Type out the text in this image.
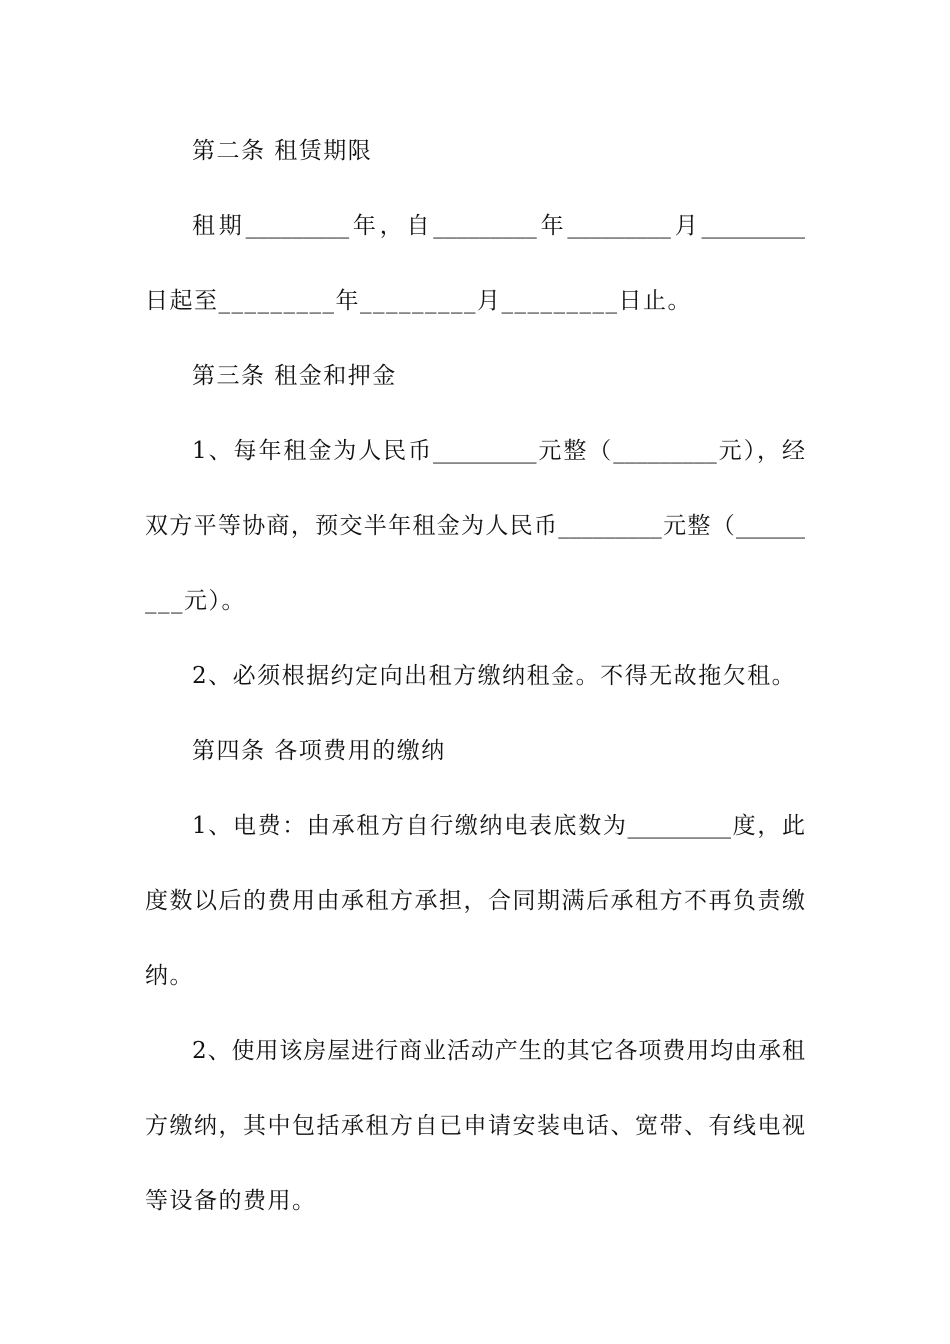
第二条 租赁期限
租期_________年，自_________年_________月_________
日起至_________年_________月_________日止。
第三条 租金和押金
1、每年租金为人民币_________元整（_________元），经
双方平等协商，预交半年租金为人民币_________元整（______
___元）。
2、必须根据约定向出租方缴纳租金。不得无故拖欠租。
第四条 各项费用的缴纳
1、电费：由承租方自行缴纳电表底数为_________度，此
度数以后的费用由承租方承担，合同期满后承租方不再负责缴
纳。
2、使用该房屋进行商业活动产生的其它各项费用均由承租
方缴纳，其中包括承租方自已申请安装电话、宽带、有线电视
等设备的费用。
